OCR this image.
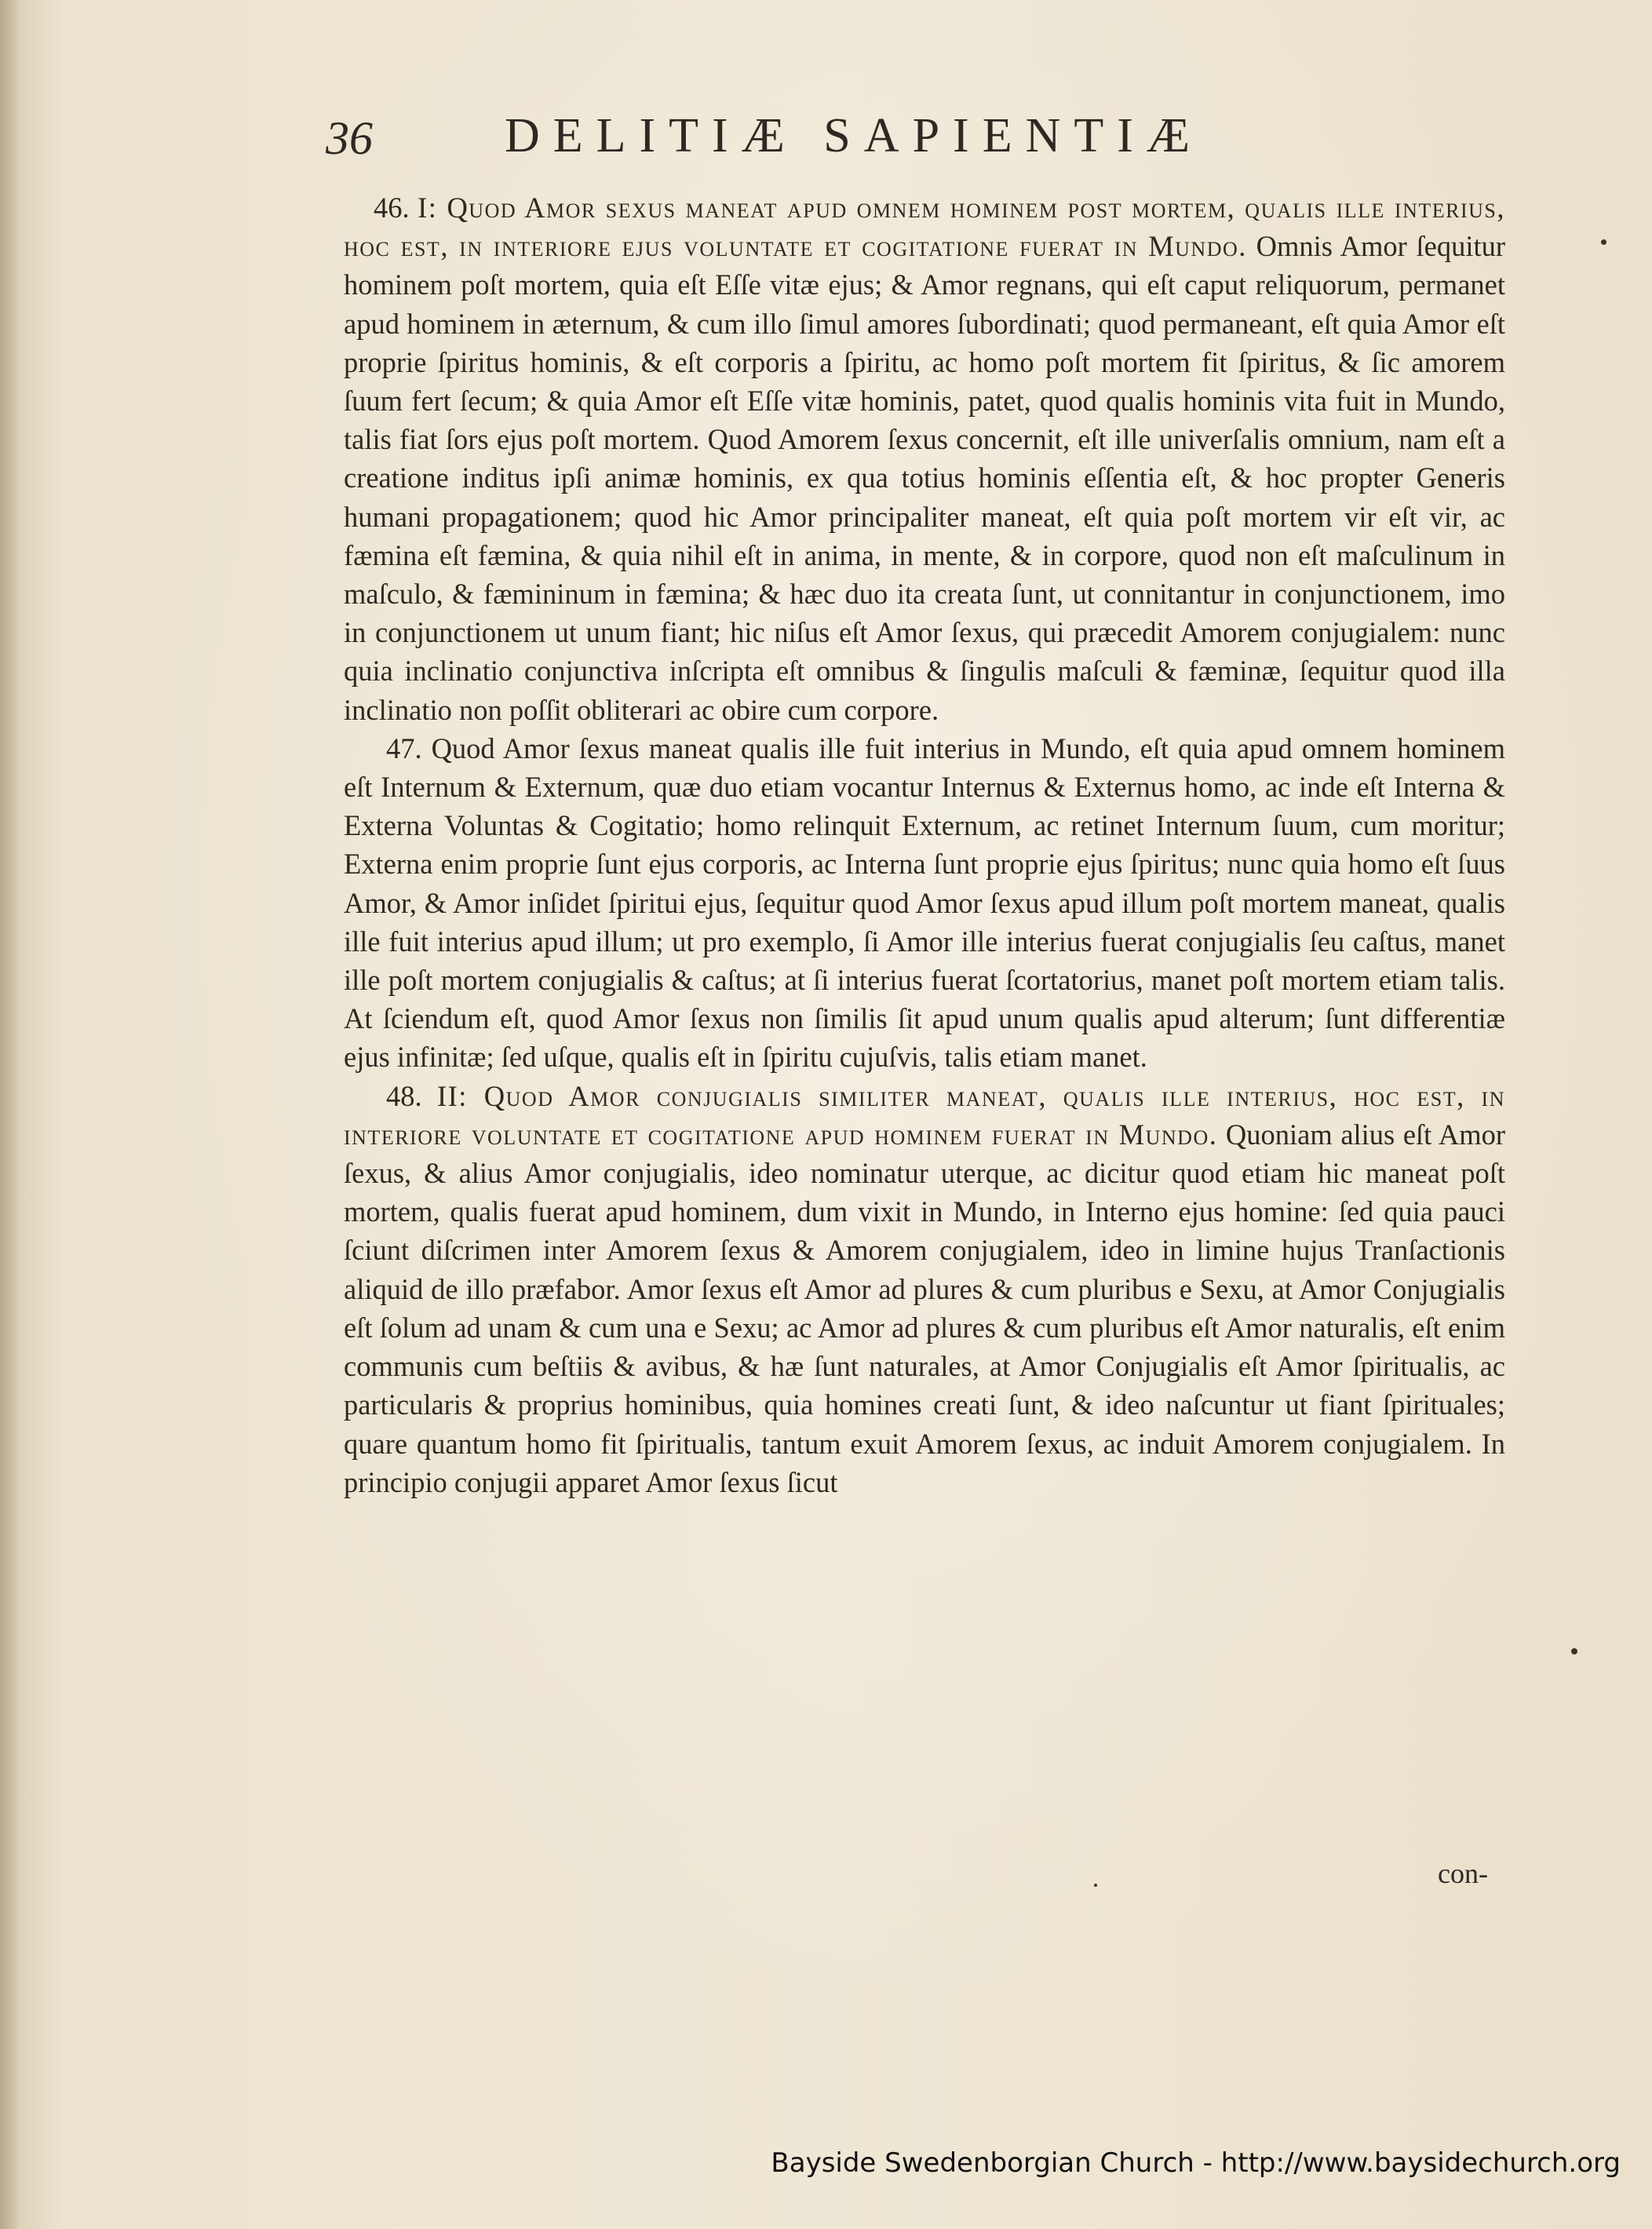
36	DELITIÆ SAPIENTIÆ

46. I: Quod Amor sexus maneat apud omnem hominem post mortem, qualis ille interius, hoc est, in interiore ejus voluntate et cogitatione fuerat in Mundo. Omnis Amor ſequitur hominem poſt mortem, quia eſt Eſſe vitæ ejus; & Amor regnans, qui eſt caput reliquorum, permanet apud hominem in æternum, & cum illo ſimul amores ſubordinati; quod permaneant, eſt quia Amor eſt proprie ſpiritus hominis, & eſt corporis a ſpiritu, ac homo poſt mortem fit ſpiritus, & ſic amorem ſuum fert ſecum; & quia Amor eſt Eſſe vitæ hominis, patet, quod qualis hominis vita fuit in Mundo, talis fiat ſors ejus poſt mortem. Quod Amorem ſexus concernit, eſt ille univerſalis omnium, nam eſt a creatione inditus ipſi animæ hominis, ex qua totius hominis eſſentia eſt, & hoc propter Generis humani propagationem; quod hic Amor principaliter maneat, eſt quia poſt mortem vir eſt vir, ac fæmina eſt fæmina, & quia nihil eſt in anima, in mente, & in corpore, quod non eſt maſculinum in maſculo, & fæmininum in fæmina; & hæc duo ita creata ſunt, ut connitantur in conjunctionem, imo in conjunctionem ut unum fiant; hic niſus eſt Amor ſexus, qui præcedit Amorem conjugialem: nunc quia inclinatio conjunctiva inſcripta eſt omnibus & ſingulis maſculi & fæminæ, ſequitur quod illa inclinatio non poſſit obliterari ac obire cum corpore.

47. Quod Amor ſexus maneat qualis ille fuit interius in Mundo, eſt quia apud omnem hominem eſt Internum & Externum, quæ duo etiam vocantur Internus & Externus homo, ac inde eſt Interna & Externa Voluntas & Cogitatio; homo relinquit Externum, ac retinet Internum ſuum, cum moritur; Externa enim proprie ſunt ejus corporis, ac Interna ſunt proprie ejus ſpiritus; nunc quia homo eſt ſuus Amor, & Amor inſidet ſpiritui ejus, ſequitur quod Amor ſexus apud illum poſt mortem maneat, qualis ille fuit interius apud illum; ut pro exemplo, ſi Amor ille interius fuerat conjugialis ſeu caſtus, manet ille poſt mortem conjugialis & caſtus; at ſi interius fuerat ſcortatorius, manet poſt mortem etiam talis. At ſciendum eſt, quod Amor ſexus non ſimilis ſit apud unum qualis apud alterum; ſunt differentiæ ejus infinitæ; ſed uſque, qualis eſt in ſpiritu cujuſvis, talis etiam manet.

48. II: Quod Amor conjugialis similiter maneat, qualis ille interius, hoc est, in interiore voluntate et cogitatione apud hominem fuerat in Mundo. Quoniam alius eſt Amor ſexus, & alius Amor conjugialis, ideo nominatur uterque, ac dicitur quod etiam hic maneat poſt mortem, qualis fuerat apud hominem, dum vixit in Mundo, in Interno ejus homine: ſed quia pauci ſciunt diſcrimen inter Amorem ſexus & Amorem conjugialem, ideo in limine hujus Tranſactionis aliquid de illo præfabor. Amor ſexus eſt Amor ad plures & cum pluribus e Sexu, at Amor Conjugialis eſt ſolum ad unam & cum una e Sexu; ac Amor ad plures & cum pluribus eſt Amor naturalis, eſt enim communis cum beſtiis & avibus, & hæ ſunt naturales, at Amor Conjugialis eſt Amor ſpiritualis, ac particularis & proprius hominibus, quia homines creati ſunt, & ideo naſcuntur ut fiant ſpirituales; quare quantum homo fit ſpiritualis, tantum exuit Amorem ſexus, ac induit Amorem conjugialem. In principio conjugii apparet Amor ſexus ſicut

con-
Bayside Swedenborgian Church - http://www.baysidechurch.org
